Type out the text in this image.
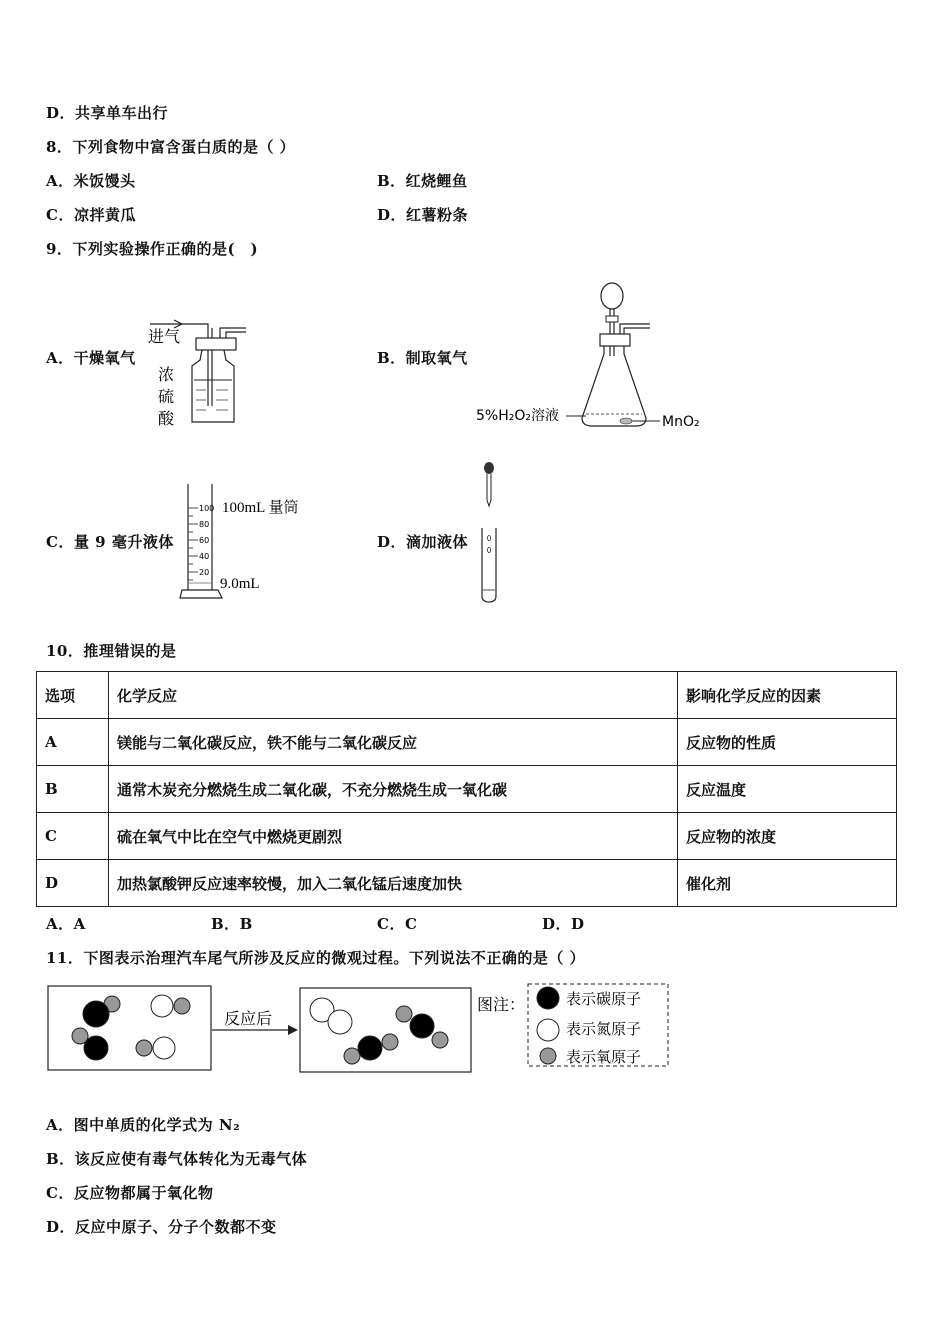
D．共享单车出行
8．下列食物中富含蛋白质的是（ ）
A．米饭馒头	B．红烧鲤鱼
C．凉拌黄瓜	D．红薯粉条
9．下列实验操作正确的是(　)
A．干燥氧气	B．制取氧气
C．量 9 毫升液体	D．滴加液体
进气
浓
硫
酸	5%H₂O₂溶液	MnO₂
100
80
60
40
20
100mL 量筒
9.0mL
10．推理错误的是
选项	化学反应	影响化学反应的因素
A	镁能与二氧化碳反应，铁不能与二氧化碳反应	反应物的性质
B	通常木炭充分燃烧生成二氧化碳，不充分燃烧生成一氧化碳	反应温度
C	硫在氧气中比在空气中燃烧更剧烈	反应物的浓度
D	加热氯酸钾反应速率较慢，加入二氧化锰后速度加快	催化剂
A．A	B．B	C．C	D．D
11．下图表示治理汽车尾气所涉及反应的微观过程。下列说法不正确的是（ ）
反应后
图注：	表示碳原子
表示氮原子
表示氧原子
A．图中单质的化学式为 N₂
B．该反应使有毒气体转化为无毒气体
C．反应物都属于氧化物
D．反应中原子、分子个数都不变
